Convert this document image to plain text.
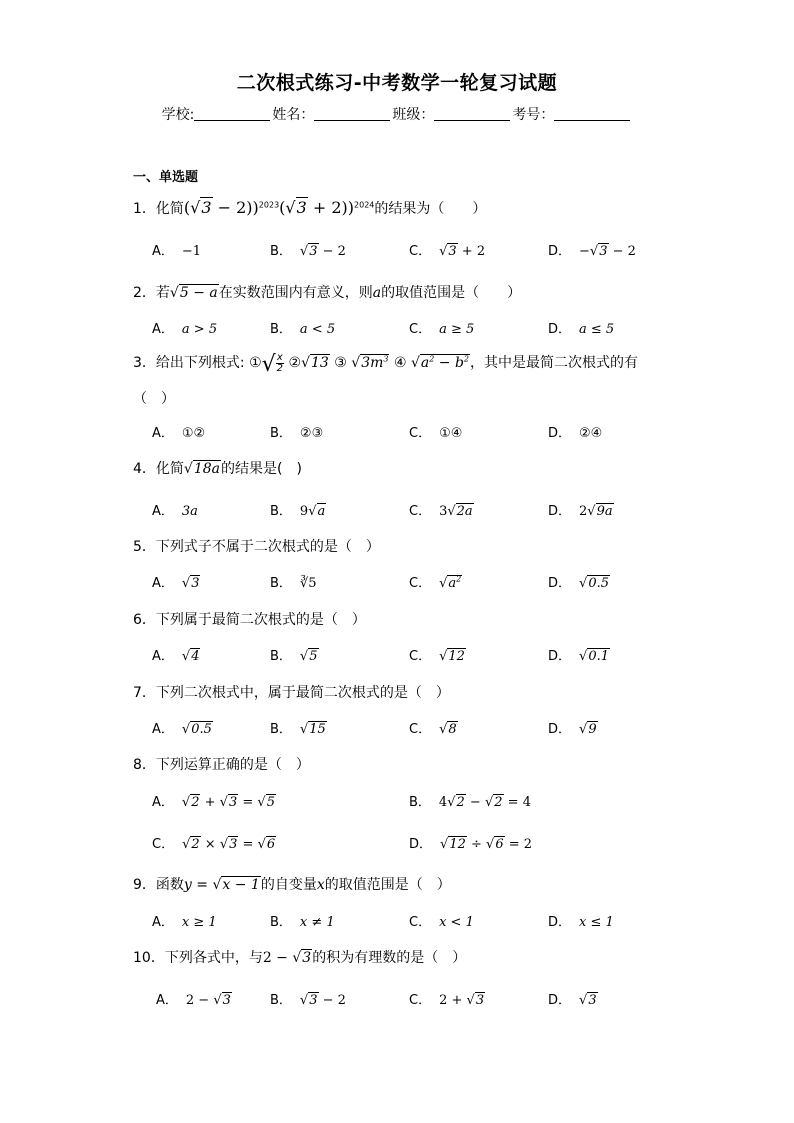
二次根式练习-中考数学一轮复习试题
学校:	姓名：	班级：	考号：
一、单选题
1．化简(√3 − 2))$^{2023}$(√3 + 2))$^{2024}$的结果为（　　）
A． −1	B． √3 − 2	C． √3 + 2	D． −√3 − 2
2．若√5 − a在实数范围内有意义，则a的取值范围是（　　）
A． a > 5	B． a < 5	C． a ≥ 5	D． a ≤ 5
3．给出下列根式: ①√ $\frac{x}{2}$ ②√13 ③ $√3m^3$ ④ $√a^2 - b^2$，其中是最简二次根式的有
（　）
A． ①②	B． ②③	C． ①④	D． ②④
4．化简√18a的结果是(　)
A． 3a	B． 9√a	C． 3√2a	D． 2√9a
5．下列式子不属于二次根式的是（　）
A． √3	B． ∛5	C． $√a^2$	D． √0.5
6．下列属于最简二次根式的是（　）
A． √4	B． √5	C． √12	D． √0.1
7．下列二次根式中，属于最简二次根式的是（　）
A． √0.5	B． √15	C． √8	D． √9
8．下列运算正确的是（　）
A． √2 + √3 = √5	B． 4√2 − √2 = 4
C． √2 × √3 = √6	D． √12 ÷ √6 = 2
9．函数y = √x − 1的自变量x的取值范围是（　）
A． x ≥ 1	B． x ≠ 1	C． x < 1	D． x ≤ 1
10．下列各式中，与2 − √3的积为有理数的是（　）
A． 2 − √3	B． √3 − 2	C． 2 + √3	D． √3
